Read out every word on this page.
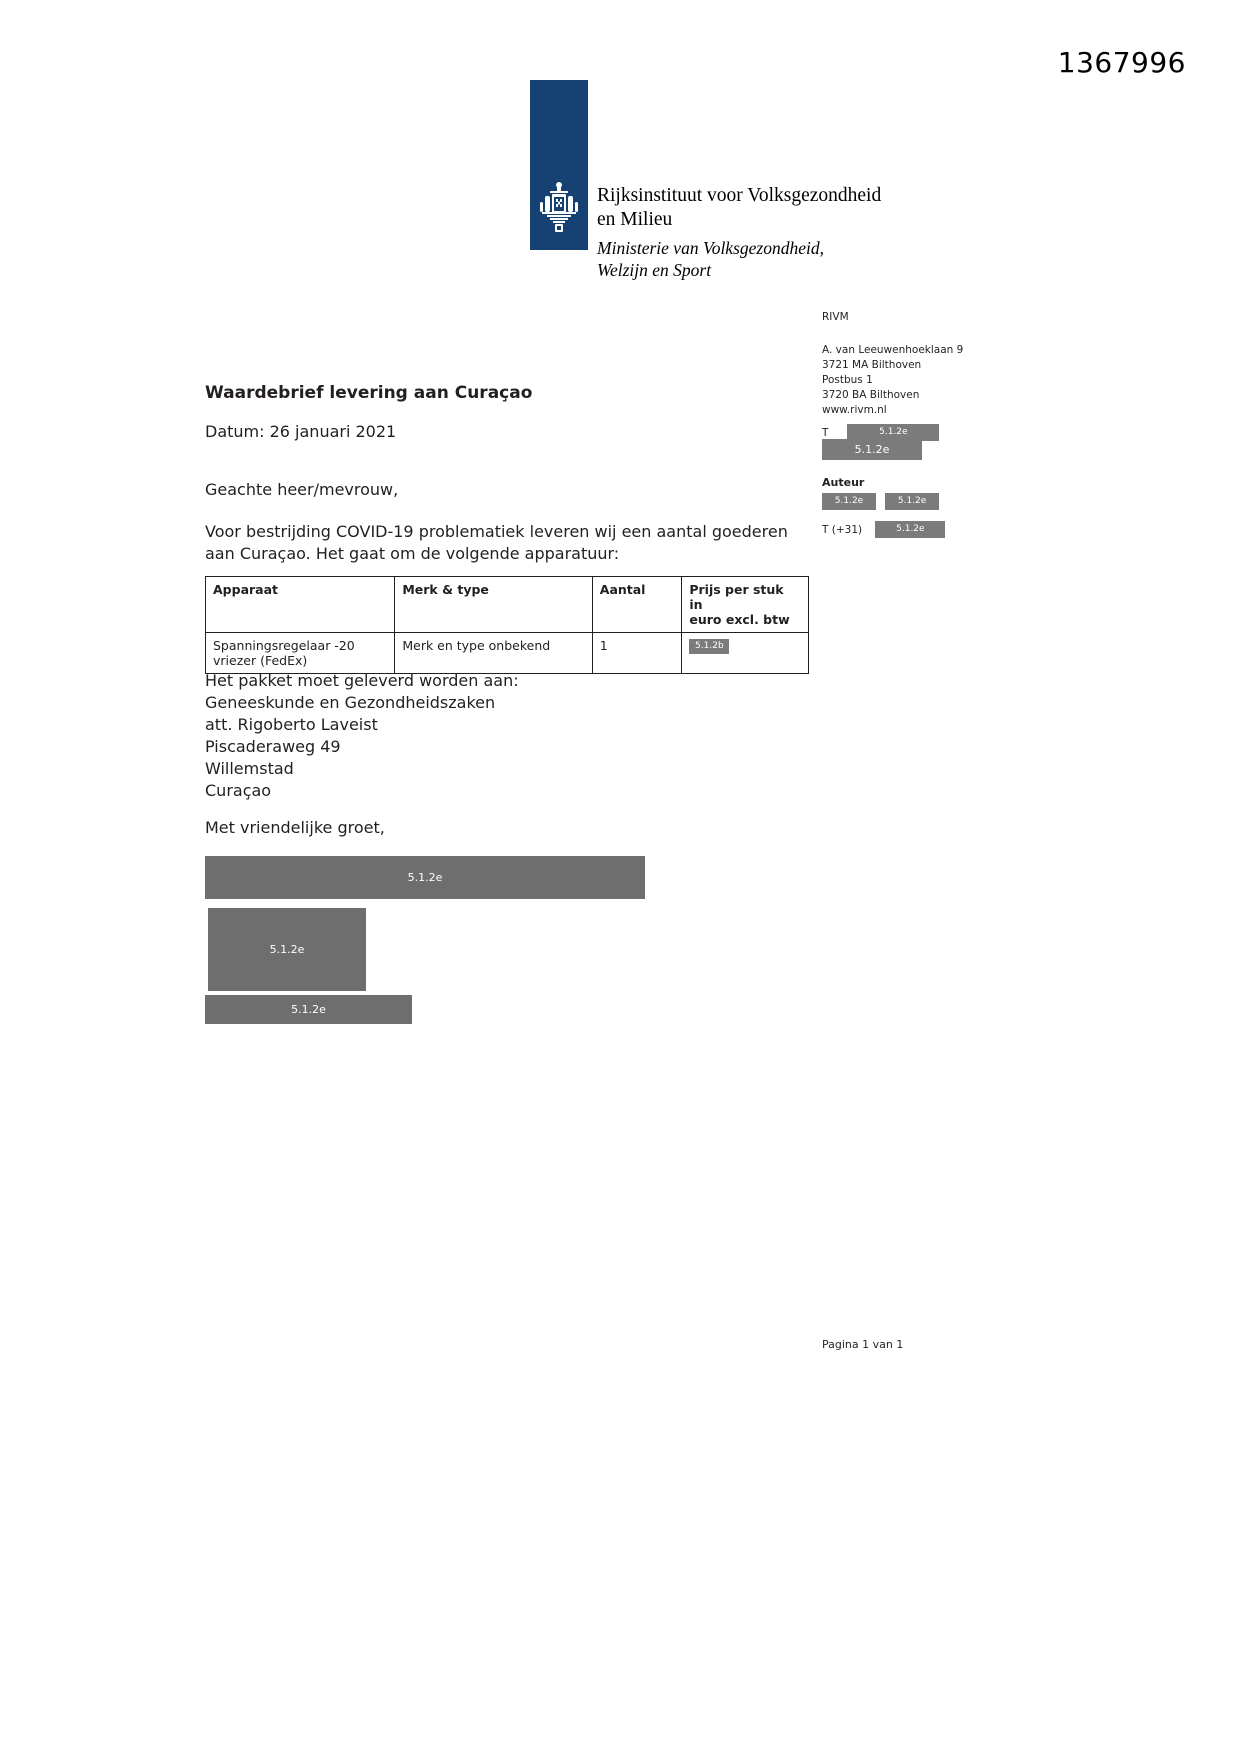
1367996
Rijksinstituut voor Volksgezondheid
en Milieu
Ministerie van Volksgezondheid,
Welzijn en Sport
RIVM
A. van Leeuwenhoeklaan 9
3721 MA Bilthoven
Postbus 1
3720 BA Bilthoven
www.rivm.nl
T	5.1.2e
5.1.2e
Auteur
5.1.2e	5.1.2e
T (+31)	5.1.2e
Waardebrief levering aan Curaçao
Datum: 26 januari 2021
Geachte heer/mevrouw,
Voor bestrijding COVID-19 problematiek leveren wij een aantal goederen
aan Curaçao. Het gaat om de volgende apparatuur:
Apparaat	Merk & type	Aantal	Prijs per stuk in
euro excl. btw
Spanningsregelaar -20
vriezer (FedEx)	Merk en type onbekend	1	5.1.2b
Het pakket moet geleverd worden aan:
Geneeskunde en Gezondheidszaken
att. Rigoberto Laveist
Piscaderaweg 49
Willemstad
Curaçao
Met vriendelijke groet,
5.1.2e
5.1.2e
5.1.2e
Pagina 1 van 1
